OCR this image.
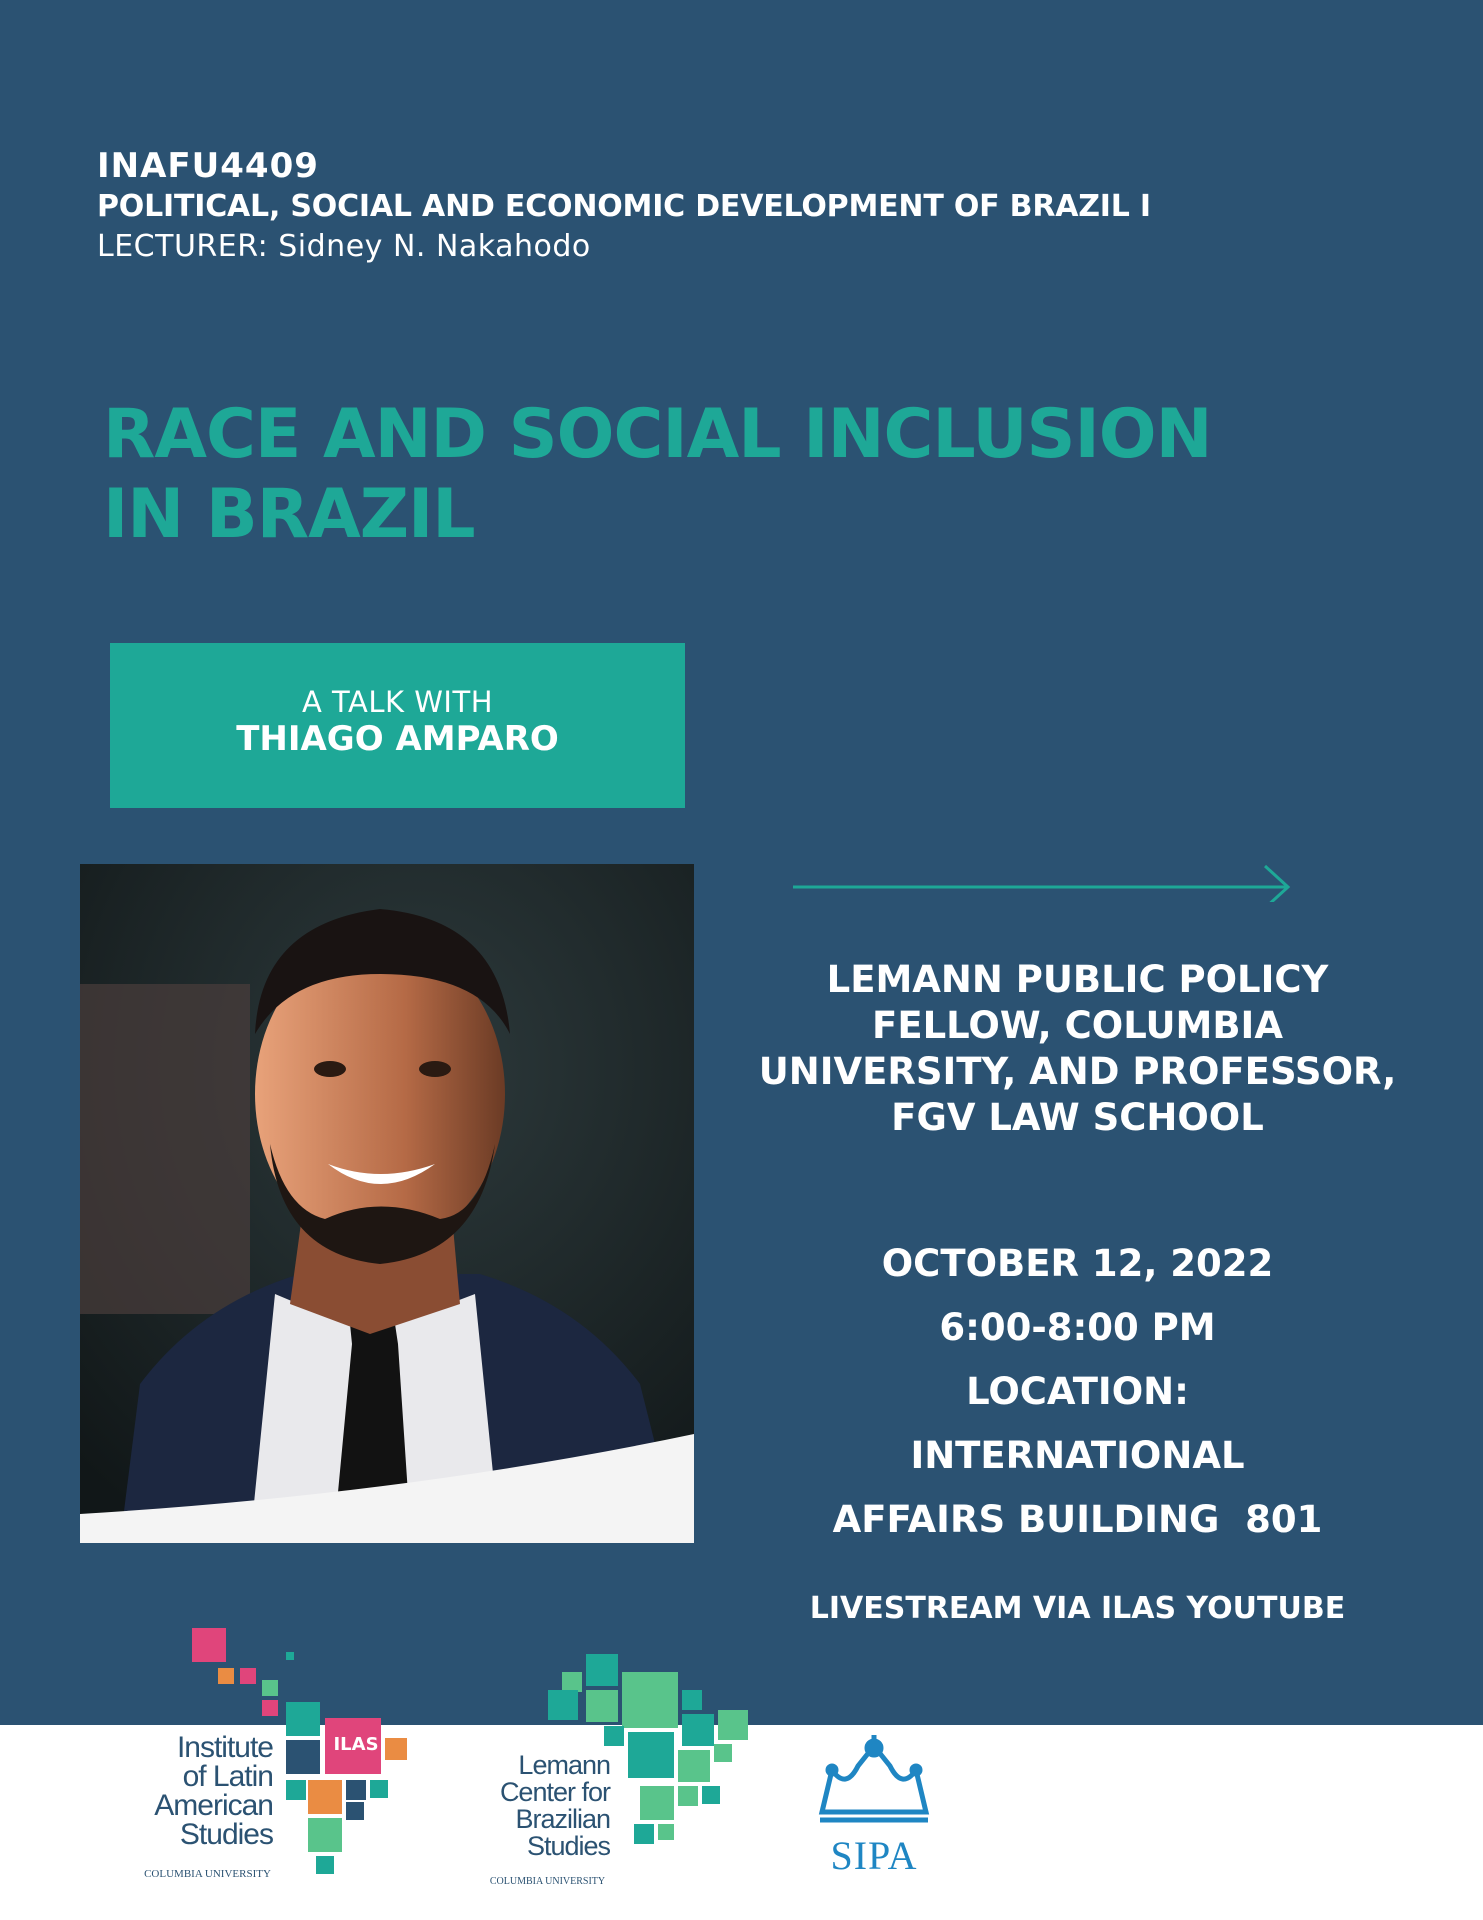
INAFU4409
POLITICAL, SOCIAL AND ECONOMIC DEVELOPMENT OF BRAZIL I
LECTURER: Sidney N. Nakahodo
RACE AND SOCIAL INCLUSION
IN BRAZIL
A TALK WITH
THIAGO AMPARO
LEMANN PUBLIC POLICY
FELLOW, COLUMBIA
UNIVERSITY, AND PROFESSOR,
FGV LAW SCHOOL
OCTOBER 12, 2022
6:00-8:00 PM
LOCATION:
INTERNATIONAL
AFFAIRS BUILDING  801
LIVESTREAM VIA ILAS YOUTUBE
ILAS
Institute
of Latin
American
Studies
COLUMBIA UNIVERSITY
Lemann
Center for
Brazilian
Studies
COLUMBIA UNIVERSITY
SIPA
